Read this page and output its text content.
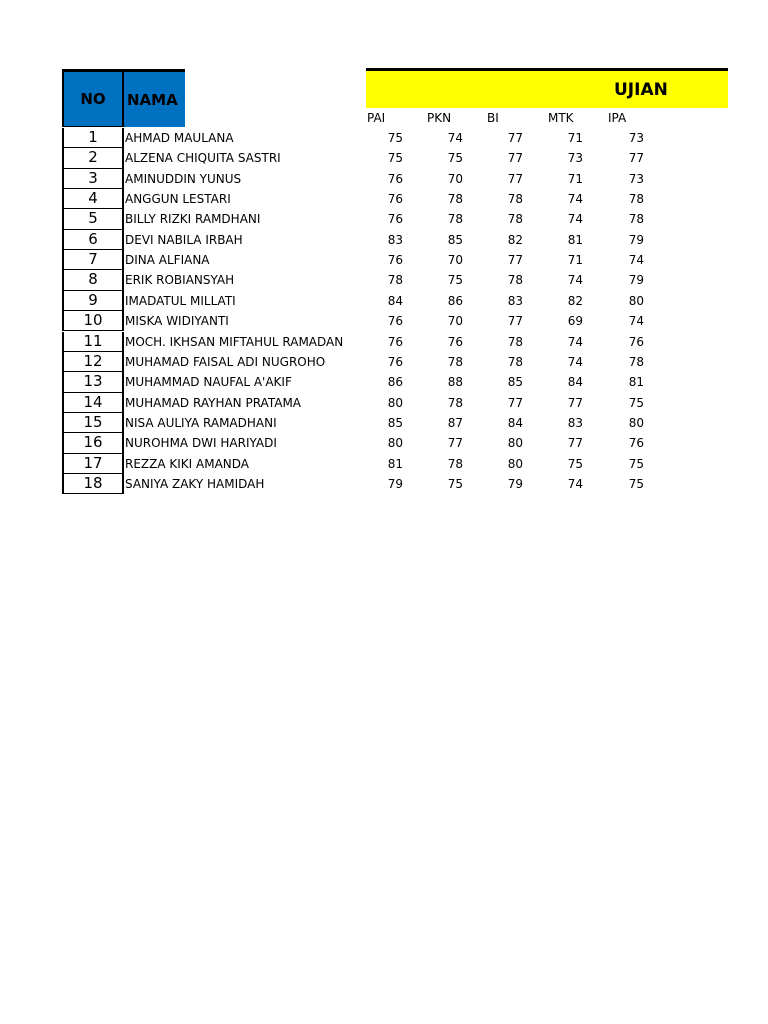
NO NAMA	UJIAN
PAI	PKN	BI	MTK	IPA
1	AHMAD MAULANA	75	74	77	71	73
2	ALZENA CHIQUITA SASTRI	75	75	77	73	77
3	AMINUDDIN YUNUS	76	70	77	71	73
4	ANGGUN LESTARI	76	78	78	74	78
5	BILLY RIZKI RAMDHANI	76	78	78	74	78
6	DEVI NABILA IRBAH	83	85	82	81	79
7	DINA ALFIANA	76	70	77	71	74
8	ERIK ROBIANSYAH	78	75	78	74	79
9	IMADATUL MILLATI	84	86	83	82	80
10	MISKA WIDIYANTI	76	70	77	69	74
11	MOCH. IKHSAN MIFTAHUL RAMADAN	76	76	78	74	76
12	MUHAMAD FAISAL ADI NUGROHO	76	78	78	74	78
13	MUHAMMAD NAUFAL A'AKIF	86	88	85	84	81
14	MUHAMAD RAYHAN PRATAMA	80	78	77	77	75
15	NISA AULIYA RAMADHANI	85	87	84	83	80
16	NUROHMA DWI HARIYADI	80	77	80	77	76
17	REZZA KIKI AMANDA	81	78	80	75	75
18	SANIYA ZAKY HAMIDAH	79	75	79	74	75
